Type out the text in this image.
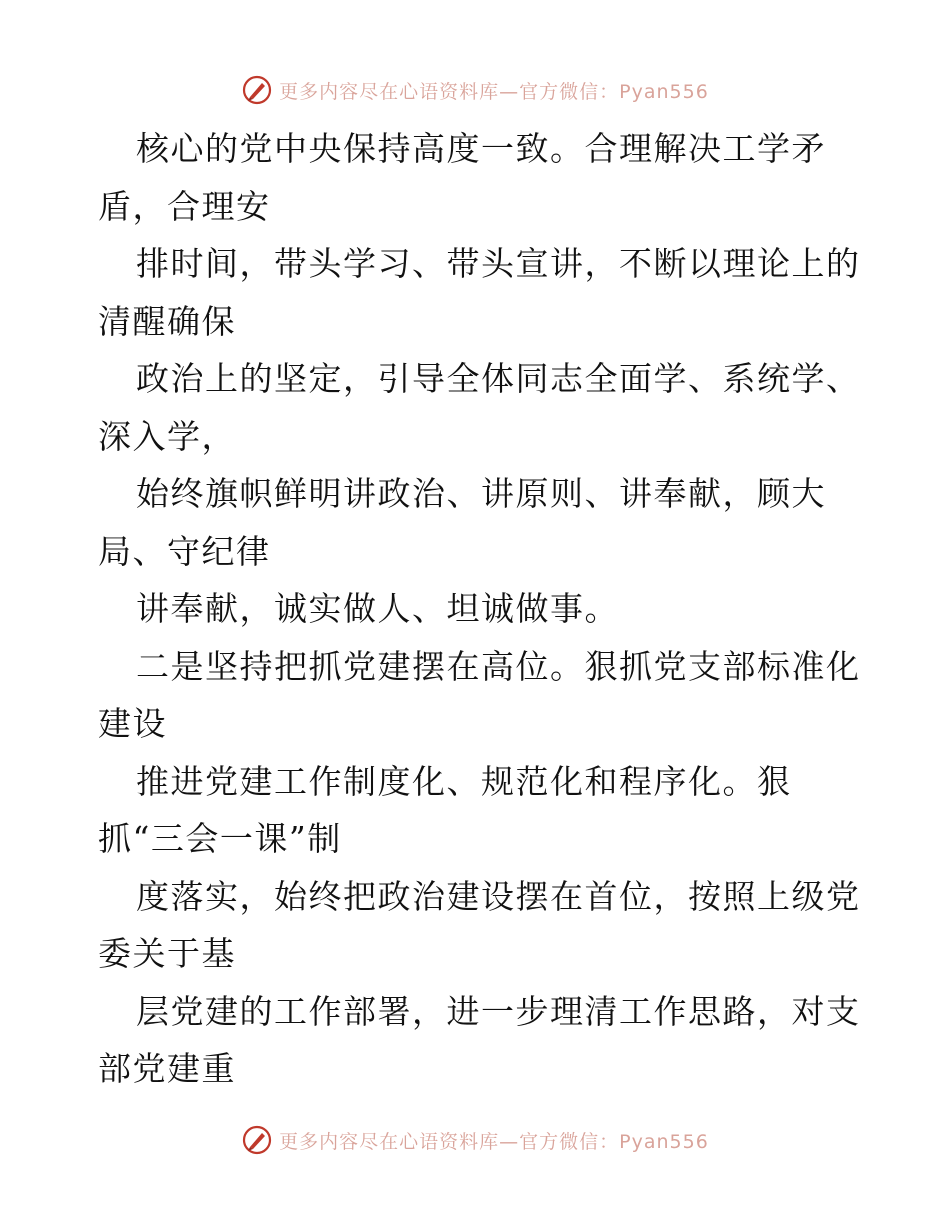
更多内容尽在心语资料库—官方微信：Pyan556
核心的党中央保持高度一致。合理解决工学矛
盾，合理安
排时间，带头学习、带头宣讲，不断以理论上的
清醒确保
政治上的坚定，引导全体同志全面学、系统学、
深入学，
始终旗帜鲜明讲政治、讲原则、讲奉献，顾大
局、守纪律
讲奉献，诚实做人、坦诚做事。
二是坚持把抓党建摆在高位。狠抓党支部标准化
建设
推进党建工作制度化、规范化和程序化。狠
抓“三会一课”制
度落实，始终把政治建设摆在首位，按照上级党
委关于基
层党建的工作部署，进一步理清工作思路，对支
部党建重
更多内容尽在心语资料库—官方微信：Pyan556
